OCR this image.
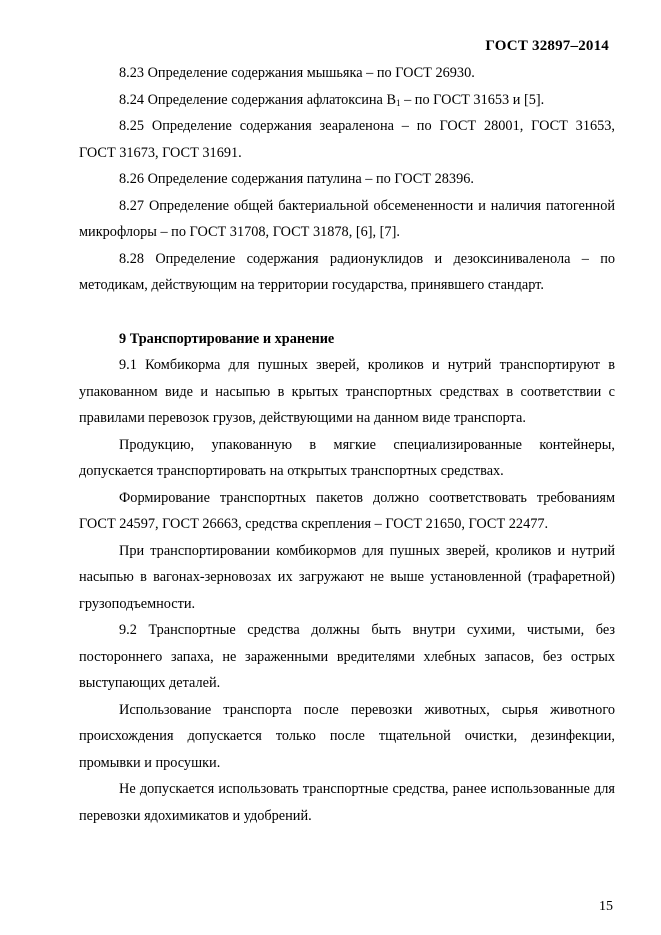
ГОСТ 32897–2014

8.23 Определение содержания мышьяка – по ГОСТ 26930.

8.24 Определение содержания афлатоксина $B_1$ – по ГОСТ 31653 и [5].

8.25 Определение содержания зеараленона – по ГОСТ 28001, ГОСТ 31653, ГОСТ 31673, ГОСТ 31691.

8.26 Определение содержания патулина – по ГОСТ 28396.

8.27 Определение общей бактериальной обсемененности и наличия патогенной микрофлоры – по ГОСТ 31708, ГОСТ 31878, [6], [7].

8.28 Определение содержания радионуклидов и дезоксиниваленола – по методикам, действующим на территории государства, принявшего стандарт.

9 Транспортирование и хранение

9.1 Комбикорма для пушных зверей, кроликов и нутрий транспортируют в упакованном виде и насыпью в крытых транспортных средствах в соответствии с правилами перевозок грузов, действующими на данном виде транспорта.

Продукцию, упакованную в мягкие специализированные контейнеры, допускается транспортировать на открытых транспортных средствах.

Формирование транспортных пакетов должно соответствовать требованиям ГОСТ 24597, ГОСТ 26663, средства скрепления – ГОСТ 21650, ГОСТ 22477.

При транспортировании комбикормов для пушных зверей, кроликов и нутрий насыпью в вагонах-зерновозах их загружают не выше установленной (трафаретной) грузоподъемности.

9.2 Транспортные средства должны быть внутри сухими, чистыми, без постороннего запаха, не зараженными вредителями хлебных запасов, без острых выступающих деталей.

Использование транспорта после перевозки животных, сырья животного происхождения допускается только после тщательной очистки, дезинфекции, промывки и просушки.

Не допускается использовать транспортные средства, ранее использованные для перевозки ядохимикатов и удобрений.

15
